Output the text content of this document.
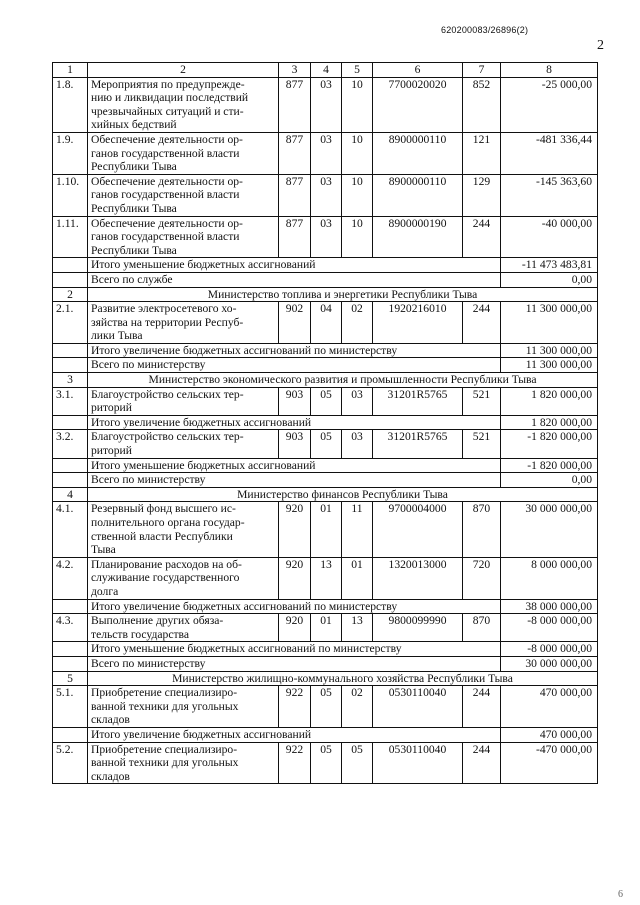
620200083/26896(2)
2
6
1	2	3	4	5	6	7	8
1.8.	Мероприятия по предупрежде-
нию и ликвидации последствий
чрезвычайных ситуаций и сти-
хийных бедствий	877	03	10	7700020020	852	-25 000,00
1.9.	Обеспечение деятельности ор-
ганов государственной власти
Республики Тыва	877	03	10	8900000110	121	-481 336,44
1.10.	Обеспечение деятельности ор-
ганов государственной власти
Республики Тыва	877	03	10	8900000110	129	-145 363,60
1.11.	Обеспечение деятельности ор-
ганов государственной власти
Республики Тыва	877	03	10	8900000190	244	-40 000,00
	Итого уменьшение бюджетных ассигнований						-11 473 483,81
	Всего по службе						0,00
2	Министерство топлива и энергетики Республики Тыва						
2.1.	Развитие электросетевого хо-
зяйства на территории Респуб-
лики Тыва	902	04	02	1920216010	244	11 300 000,00
	Итого увеличение бюджетных ассигнований по министерству						11 300 000,00
	Всего по министерству						11 300 000,00
3	Министерство экономического развития и промышленности Республики Тыва						
3.1.	Благоустройство сельских тер-
риторий	903	05	03	31201R5765	521	1 820 000,00
	Итого увеличение бюджетных ассигнований						1 820 000,00
3.2.	Благоустройство сельских тер-
риторий	903	05	03	31201R5765	521	-1 820 000,00
	Итого уменьшение бюджетных ассигнований						-1 820 000,00
	Всего по министерству						0,00
4	Министерство финансов Республики Тыва						
4.1.	Резервный фонд высшего ис-
полнительного органа государ-
ственной власти Республики
Тыва	920	01	11	9700004000	870	30 000 000,00
4.2.	Планирование расходов на об-
служивание государственного
долга	920	13	01	1320013000	720	8 000 000,00
	Итого увеличение бюджетных ассигнований по министерству						38 000 000,00
4.3.	Выполнение других обяза-
тельств государства	920	01	13	9800099990	870	-8 000 000,00
	Итого уменьшение бюджетных ассигнований по министерству						-8 000 000,00
	Всего по министерству						30 000 000,00
5	Министерство жилищно-коммунального хозяйства Республики Тыва						
5.1.	Приобретение специализиро-
ванной техники для угольных
складов	922	05	02	0530110040	244	470 000,00
	Итого увеличение бюджетных ассигнований						470 000,00
5.2.	Приобретение специализиро-
ванной техники для угольных
складов	922	05	05	0530110040	244	-470 000,00
